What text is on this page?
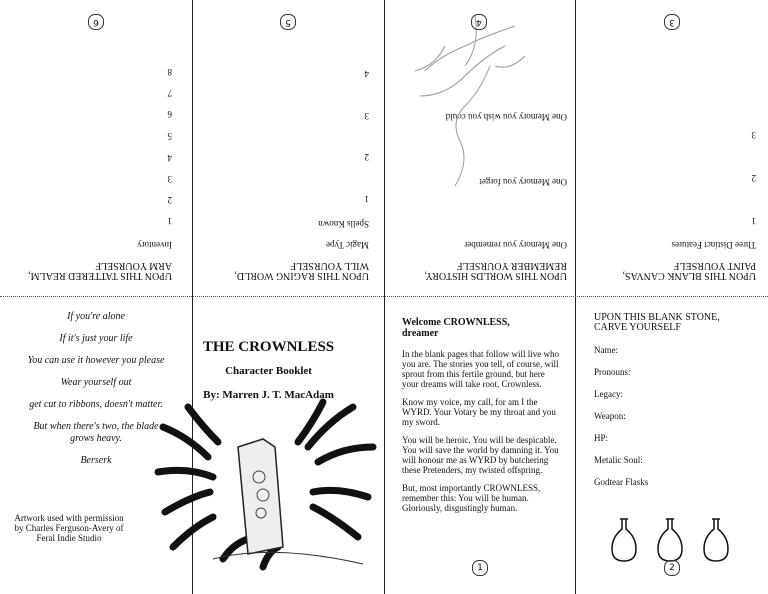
UPON THIS TATTERED REALM, ARM YOURSELF
Inventory
1
2
3
4
5
6
7
8
6
UPON THIS RAGING WORLD, WILL YOURSELF
Magic Type
Spells Known
1
2
3
4
5
UPON THIS WORLDS HISTORY, REMEMBER YOURSELF
One Memory you remember
One Memory you forget
One Memory you wish you could
4
UPON THIS BLANK CANVAS, PAINT YOURSELF
Three Distinct Features
1
2
3
3

If you're alone

If it's just your life

You can use it however you please

Wear yourself out

get cut to ribbons, doesn't matter.

But when there's two, the blade grows heavy.

Berserk

Artwork used with permission by Charles Ferguson-Avery of Feral Indie Studio
THE CROWNLESS
Character Booklet
By: Marren J. T. MacAdam
Welcome CROWNLESS, dreamer

In the blank pages that follow will live who you are. The stories you tell, of course, will sprout from this fertile ground, but here your dreams will take root, Crownless.

Know my voice, my call, for am I the WYRD. Your Votary be my throat and you my sword.

You will be heroic. You will be despicable. You will save the world by damning it. You will honour me as WYRD by butchering these Pretenders, my twisted offspring.

But, most importantly CROWNLESS, remember this: You will be human. Gloriously, disgustingly human.

1
UPON THIS BLANK STONE, CARVE YOURSELF
Name:
Pronouns:
Legacy:
Weapon:
HP:
Metalic Soul:
Godtear Flasks
2
